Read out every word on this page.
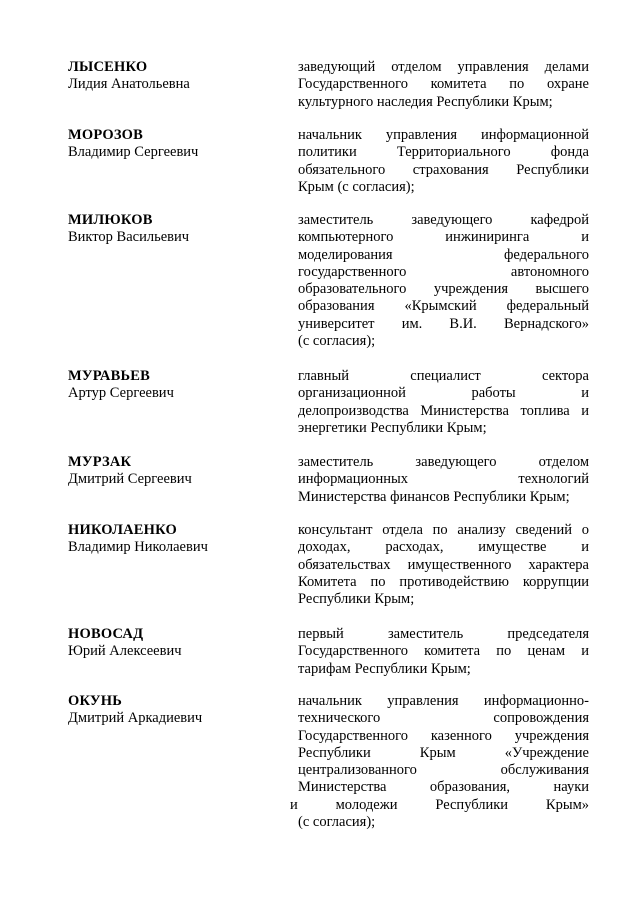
ЛЫСЕНКО
Лидия Анатольевна
заведующий отделом управления делами
Государственного комитета по охране
культурного наследия Республики Крым;
МОРОЗОВ
Владимир Сергеевич
начальник управления информационной
политики Территориального фонда
обязательного страхования Республики
Крым (с согласия);
МИЛЮКОВ
Виктор Васильевич
заместитель заведующего кафедрой
компьютерного инжиниринга и
моделирования федерального
государственного автономного
образовательного учреждения высшего
образования «Крымский федеральный
университет им. В.И. Вернадского»
(с согласия);
МУРАВЬЕВ
Артур Сергеевич
главный специалист сектора
организационной работы и
делопроизводства Министерства топлива и
энергетики Республики Крым;
МУРЗАК
Дмитрий Сергеевич
заместитель заведующего отделом
информационных технологий
Министерства финансов Республики Крым;
НИКОЛАЕНКО
Владимир Николаевич
консультант отдела по анализу сведений о
доходах, расходах, имуществе и
обязательствах имущественного характера
Комитета по противодействию коррупции
Республики Крым;
НОВОСАД
Юрий Алексеевич
первый заместитель председателя
Государственного комитета по ценам и
тарифам Республики Крым;
ОКУНЬ
Дмитрий Аркадиевич
начальник управления информационно-
технического сопровождения
Государственного казенного учреждения
Республики Крым «Учреждение
централизованного обслуживания
Министерства образования, науки
и молодежи Республики Крым»
(с согласия);
